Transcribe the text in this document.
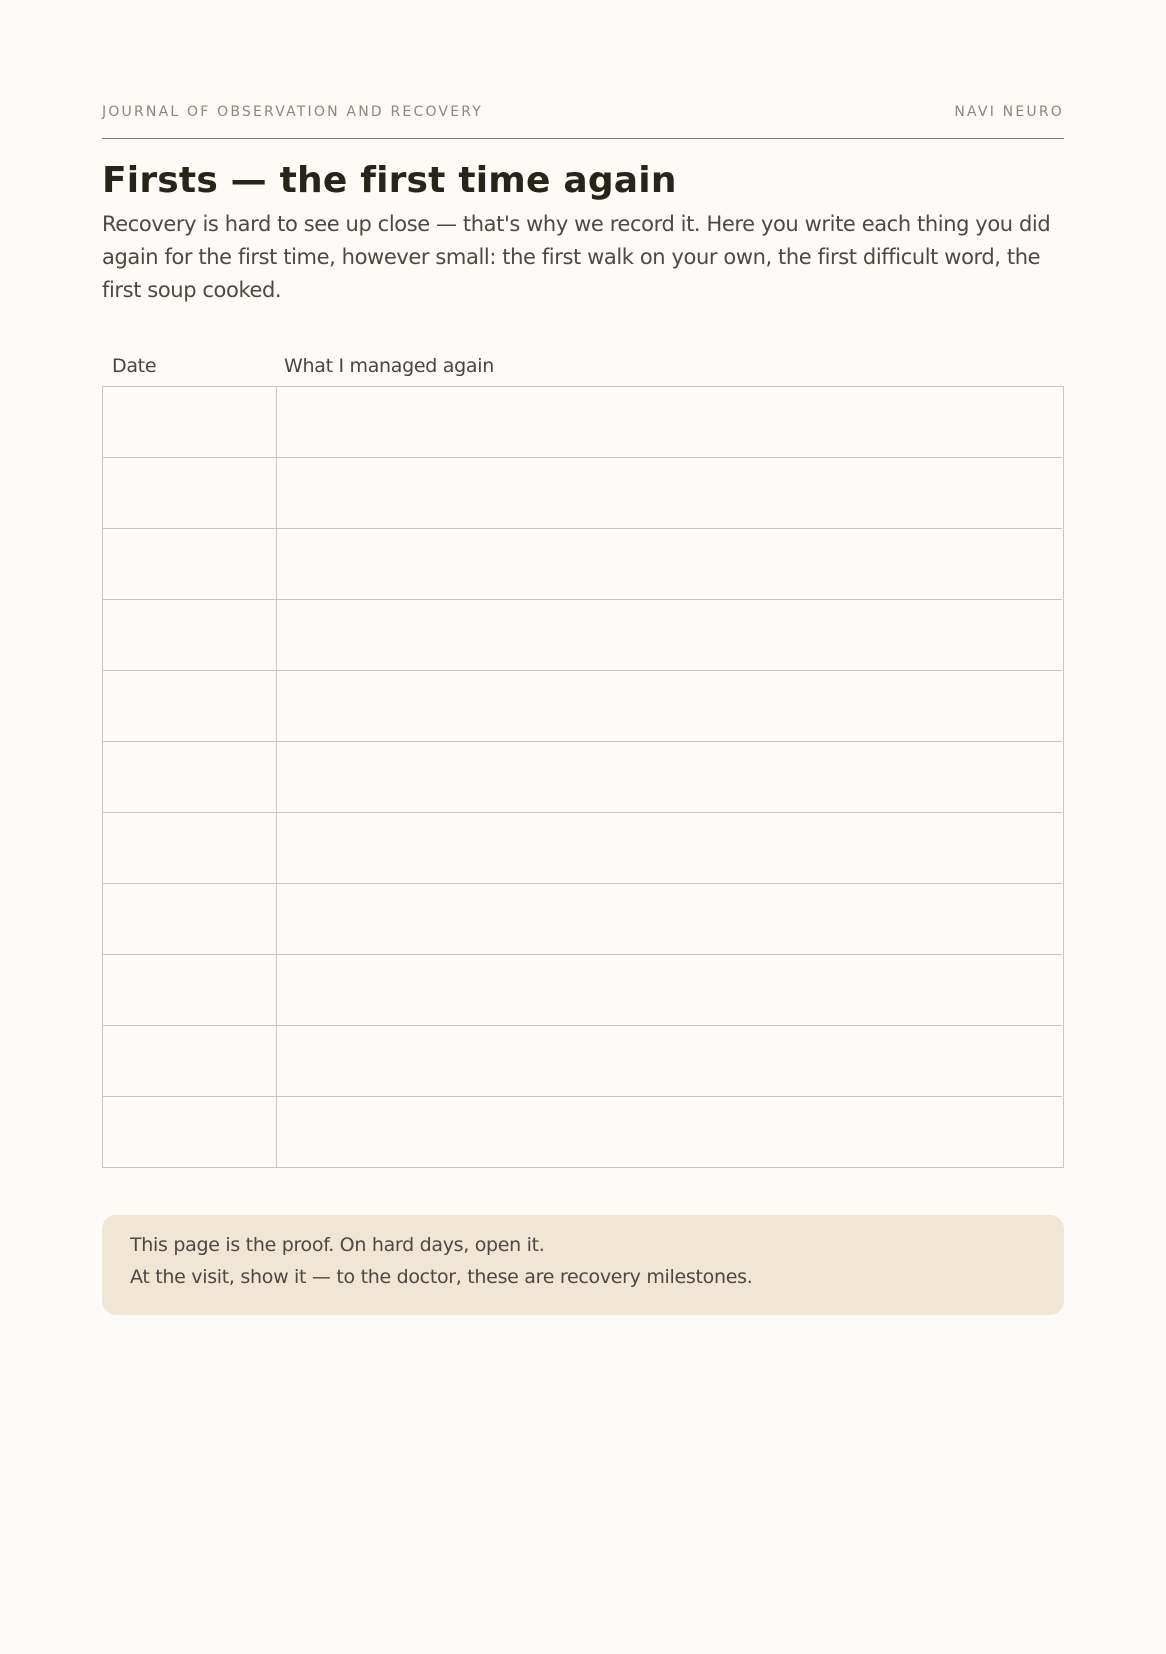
JOURNAL OF OBSERVATION AND RECOVERY	NAVI NEURO
Firsts — the first time again

Recovery is hard to see up close — that's why we record it. Here you write each thing you did again for the first time, however small: the first walk on your own, the first difficult word, the first soup cooked.

Date	What I managed again
This page is the proof. On hard days, open it.
At the visit, show it — to the doctor, these are recovery milestones.
